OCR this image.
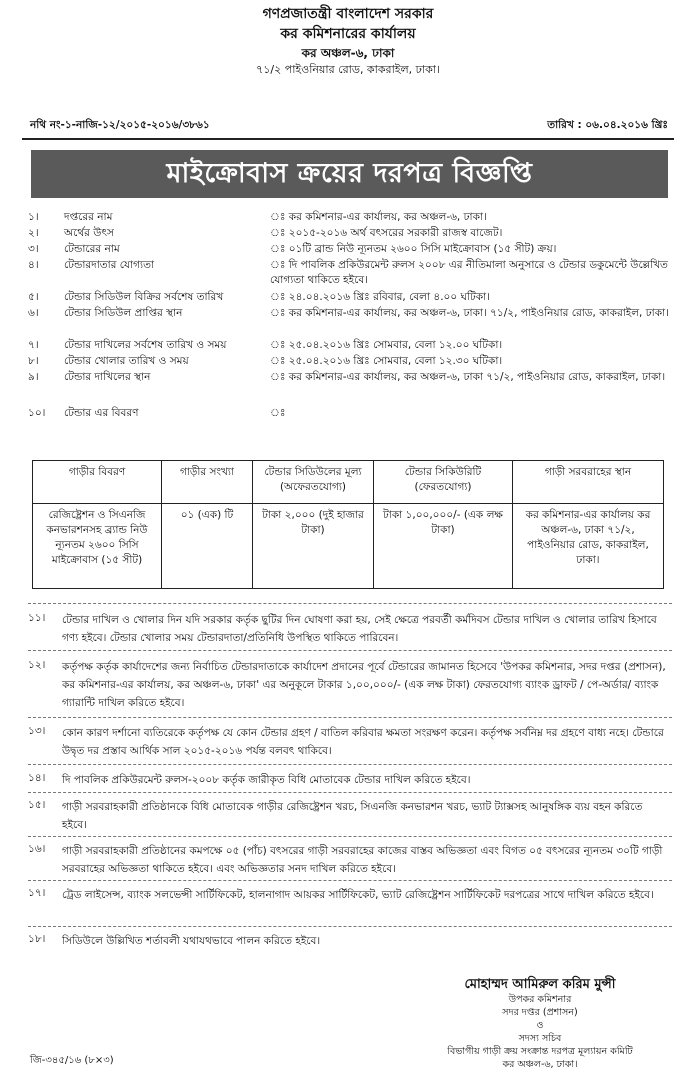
গণপ্রজাতন্ত্রী বাংলাদেশ সরকার
কর কমিশনারের কার্যালয়
কর অঞ্চল-৬, ঢাকা
৭১/২ পাইওনিয়ার রোড, কাকরাইল, ঢাকা।
নথি নং-১-নাজি-১২/২০১৫-২০১৬/৩৮৬১	তারিখ : ০৬.০৪.২০১৬ খ্রিঃ
মাইক্রোবাস ক্রয়ের দরপত্র বিজ্ঞপ্তি
১।	দপ্তরের নাম	ঃ কর কমিশনার-এর কার্যালয়, কর অঞ্চল-৬, ঢাকা।
২।	অর্থের উৎস	ঃ ২০১৫-২০১৬ অর্থ বৎসরের সরকারী রাজস্ব বাজেট।
৩।	টেন্ডারের নাম	ঃ ০১টি ব্রান্ড নিউ ন্যূনতম ২৬০০ সিসি মাইক্রোবাস (১৫ সীট) ক্রয়।
৪।	টেন্ডারদাতার যোগ্যতা	ঃ দি পাবলিক প্রকিউরমেন্ট রুলস ২০০৮ এর নীতিমালা অনুসারে ও টেন্ডার ডকুমেন্টে উল্লেখিত যোগ্যতা থাকিতে হইবে।
৫।	টেন্ডার সিডিউল বিক্রির সর্বশেষ তারিখ	ঃ ২৪.০৪.২০১৬ খ্রিঃ রবিবার, বেলা ৪.০০ ঘটিকা।
৬।	টেন্ডার সিডিউল প্রাপ্তির স্থান	ঃ কর কমিশনার-এর কার্যালয়, কর অঞ্চল-৬, ঢাকা। ৭১/২, পাইওনিয়ার রোড, কাকরাইল, ঢাকা।
৭।	টেন্ডার দাখিলের সর্বশেষ তারিখ ও সময়	ঃ ২৫.০৪.২০১৬ খ্রিঃ সোমবার, বেলা ১২.০০ ঘটিকা।
৮।	টেন্ডার খোলার তারিখ ও সময়	ঃ ২৫.০৪.২০১৬ খ্রিঃ সোমবার, বেলা ১২.৩০ ঘটিকা।
৯।	টেন্ডার দাখিলের স্থান	ঃ কর কমিশনার-এর কার্যালয়, কর অঞ্চল-৬, ঢাকা ৭১/২, পাইওনিয়ার রোড, কাকরাইল, ঢাকা।
১০।	টেন্ডার এর বিবরণ	ঃ
গাড়ীর বিবরণ	গাড়ীর সংখ্যা	টেন্ডার সিডিউলের মূল্য (অফেরতযোগ্য)	টেন্ডার সিকিউরিটি (ফেরতযোগ্য)	গাড়ী সরবরাহের স্থান
রেজিষ্ট্রেশন ও সিএনজি কনভারশনসহ ব্র্যান্ড নিউ ন্যূনতম ২৬০০ সিসি মাইক্রোবাস (১৫ সীট)	০১ (এক) টি	টাকা ২,০০০ (দুই হাজার টাকা)	টাকা ১,০০,০০০/- (এক লক্ষ টাকা)	কর কমিশনার-এর কার্যালয় কর অঞ্চল-৬, ঢাকা ৭১/২, পাইওনিয়ার রোড, কাকরাইল, ঢাকা।
১১।	টেন্ডার দাখিল ও খোলার দিন যদি সরকার কর্তৃক ছুটির দিন ঘোষণা করা হয়, সেই ক্ষেত্রে পরবর্তী কর্মদিবস টেন্ডার দাখিল ও খোলার তারিখ হিসাবে গণ্য হইবে। টেন্ডার খোলার সময় টেন্ডারদাতা/প্রতিনিধি উপস্থিত থাকিতে পারিবেন।
১২।	কর্তৃপক্ষ কর্তৃক কার্যাদেশের জন্য নির্বাচিত টেন্ডারদাতাকে কার্যাদেশ প্রদানের পূর্বে টেন্ডারের জামানত হিসেবে 'উপকর কমিশনার, সদর দপ্তর (প্রশাসন), কর কমিশনার-এর কার্যালয়, কর অঞ্চল-৬, ঢাকা' এর অনুকূলে টাকার ১,০০,০০০/- (এক লক্ষ টাকা) ফেরতযোগ্য ব্যাংক ড্রাফট / পে-অর্ডার/ ব্যাংক গ্যারান্টি দাখিল করিতে হইবে।
১৩।	কোন কারণ দর্শানো ব্যতিরেকে কর্তৃপক্ষ যে কোন টেন্ডার গ্রহণ / বাতিল করিবার ক্ষমতা সংরক্ষণ করেন। কর্তৃপক্ষ সর্বনিম্ন দর গ্রহণে বাধ্য নহে। টেন্ডারে উদ্বৃত দর প্রস্তাব আর্থিক সাল ২০১৫-২০১৬ পর্যন্ত বলবৎ থাকিবে।
১৪।	দি পাবলিক প্রকিউরমেন্ট রুলস-২০০৮ কর্তৃক জারীকৃত বিধি মোতাবেক টেন্ডার দাখিল করিতে হইবে।
১৫।	গাড়ী সরবরাহকারী প্রতিষ্ঠানকে বিধি মোতাবেক গাড়ীর রেজিষ্ট্রেশন খরচ, সিএনজি কনভারশন খরচ, ভ্যাট ট্যাক্সসহ আনুষঙ্গিক ব্যয় বহন করিতে হইবে।
১৬।	গাড়ী সরবরাহকারী প্রতিষ্ঠানের কমপক্ষে ০৫ (পাঁচ) বৎসরের গাড়ী সরবরাহের কাজের বাস্তব অভিজ্ঞতা এবং বিগত ০৫ বৎসরের ন্যূনতম ৩০টি গাড়ী সরবরাহের অভিজ্ঞতা থাকিতে হইবে। এবং অভিজ্ঞতার সনদ দাখিল করিতে হইবে।
১৭।	ট্রেড লাইসেন্স, ব্যাংক সলভেন্সী সার্টিফিকেট, হালনাগাদ আয়কর সার্টিফিকেট, ভ্যাট রেজিষ্ট্রেশন সার্টিফিকেট দরপত্রের সাথে দাখিল করিতে হইবে।
১৮।	সিডিউলে উল্লিখিত শর্তাবলী যথাযথভাবে পালন করিতে হইবে।
মোহাম্মদ আমিরুল করিম মুন্সী
উপকর কমিশনার
সদর দপ্তর (প্রশাসন)
ও
সদস্য সচিব
বিভাগীয় গাড়ী ক্রয় সংক্রান্ত দরপত্র মূল্যায়ন কমিটি
কর অঞ্চল-৬, ঢাকা।
জি-৩৪৫/১৬ (৮×৩)
